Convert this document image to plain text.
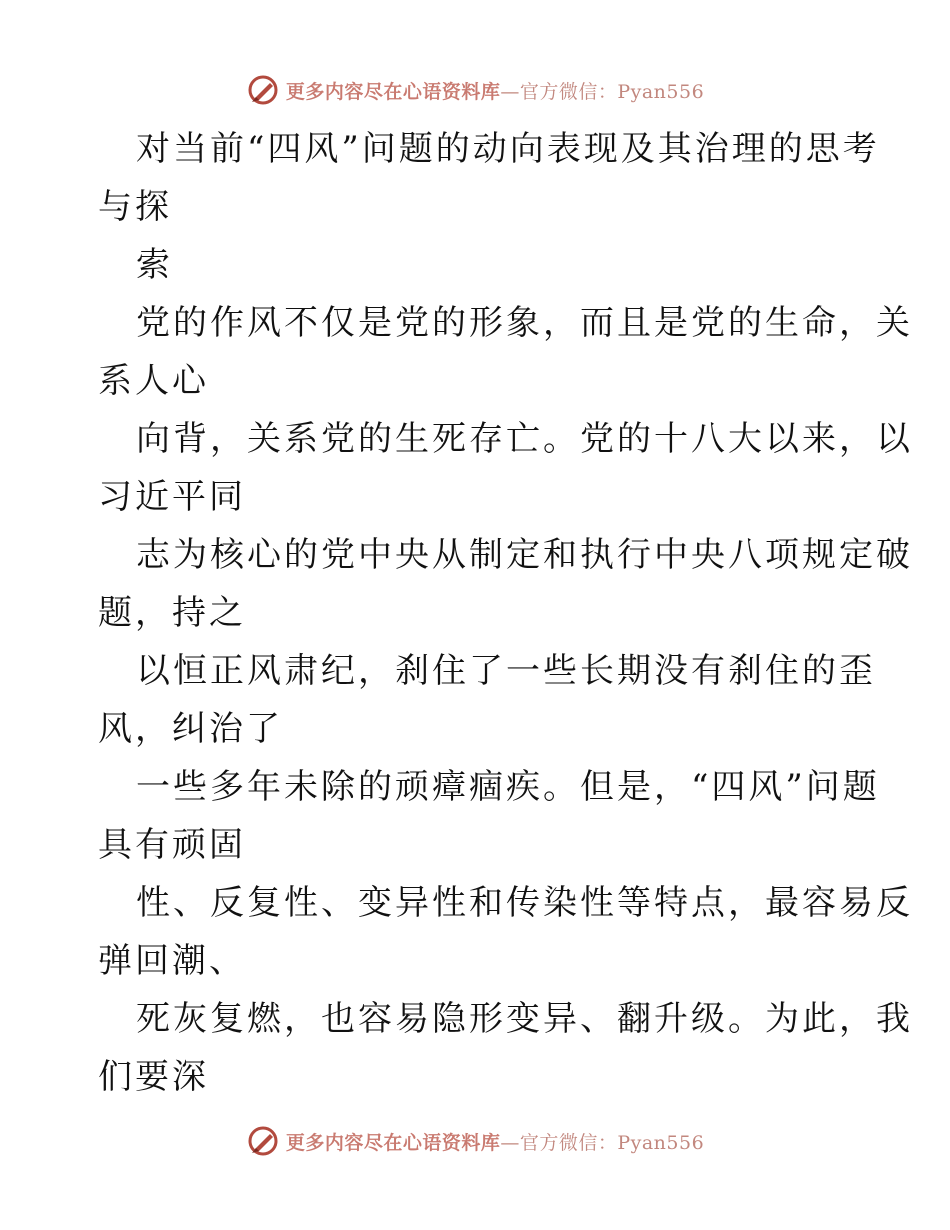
更多内容尽在心语资料库—官方微信：Pyan556
对当前“四风”问题的动向表现及其治理的思考
与探
索
党的作风不仅是党的形象，而且是党的生命，关
系人心
向背，关系党的生死存亡。党的十八大以来，以
习近平同
志为核心的党中央从制定和执行中央八项规定破
题，持之
以恒正风肃纪，刹住了一些长期没有刹住的歪
风，纠治了
一些多年未除的顽瘴痼疾。但是，“四风”问题
具有顽固
性、反复性、变异性和传染性等特点，最容易反
弹回潮、
死灰复燃，也容易隐形变异、翻升级。为此，我
们要深
更多内容尽在心语资料库—官方微信：Pyan556
